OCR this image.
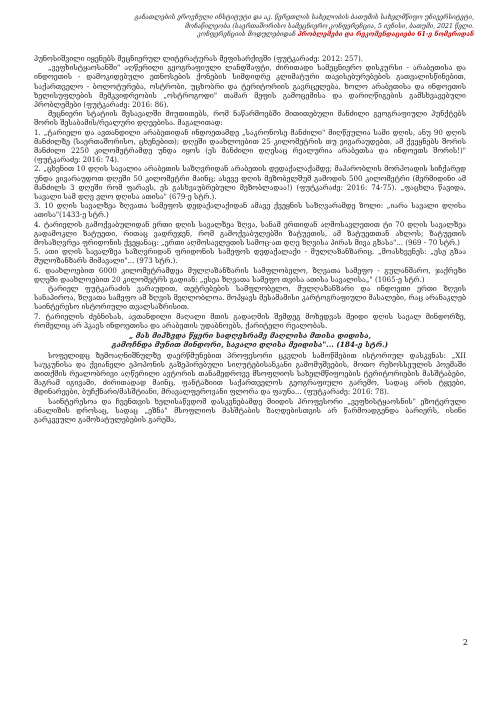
განათლების ეროვნული ინსტიტუტი და აკ. წერეთლის სახელობის ბათუმის სახელმწიფო უნივერსიტეტი,
მონაწილეობა (საერთაშორისო სამეცნიერო კონფერენცია, 5 ივნისი, ბათუმი, 2021 წელი.
კონფერენციის მოდულებიდან პრობლემები და რეკომენდაციები 61-ე ნომერიდან

პუნოსიშვილი იყენებს მეცნიერულ ლიტერატურას მეფისარქივში (ფუტკარაძე: 2012: 257).

„ვეფხისტყაოსანში" აღწერილი გეოგრაფიული ლანდშაფტი, ძირითადი სამეცნიერო დისკურსი - არაბეთისა და ინდოეთის - დამოკიდებული ეთნოსების ქონების სიმდიდრე კლიმატური თავისებურებების გათვალისწინებით, საქართველო - ბოლოტურება, ოსტრობი, უცხობრი და ტერიტორიის გავრცელება, ხოლო არაბეთისა და ინდოეთის ხელისუფლების მემკვიდრეობის „ოსტროგოდი" თამარ მეფის გამოცემისა და დარიღწიგების გამსხვავებული პრობლემები (ფუტკარაძე: 2016: 86).

მეცნიერი სტატიის შესავალში მიუთითებს, რომ ნაწარმოებში მითითებული მანძილი გეოგრაფიული პუნქტებს შორის შესაბამის/რეალური დღეებისა. მაგალითად:

1. „ტარიელი და ავთანდილი არაბეთიდან ინდოეთამდე „საკრონოსე მანძილი" მიღწეულია სამი დღის, ანუ 90 დღის მანძილზე (საერთაშორისო, ცხენებით); დღეში დაახლოებით 25 კილომეტრის თუ ვივარაუდებთ, ამ ქვეყნებს შორის მანძილი 2250 კილომეტრამდე უნდა იყოს (ეს მანძილი დღესაც რეალურია არაბეთსა და ინდოეთს შორის!)" (ფუტკარაძე: 2016: 74).

2. „ცხენით 10 დღის სავალია არაბეთის საზღვრიდან არაბეთის დედაქალაქამდე; მაჰარობლის მორჰოადის სიჩქარედ უნდა ვივარაუდოთ დღეში 50 კილომეტრი მაინც; ასევე დღის მეზობელშუმ გამოდის 500 კილომეტრი (მერმიდინი ამ მანძილს 3 დღეში რომ ფარავს, ეს გასხვაუბრებული მეზობლადაა!) (ფუტკარაძე: 2016: 74-75). „ფაცხლა წავიდა, სავალი სამ დღე ვლო დღისა ათისა" (679-ე სტრ.).

3. 10 დღის სავალზეა ზღვათა სამეფოს დედაქალაქიდან ამავე ქვეყნის საზღვარამდე ზოლი: „იარა სავალი დღისა ათისა"(1433-ე სტრ.)

4. ტარიელის გამოქვაბულიდან ერთი დღის სავალზეა ზღვა, სანამ ერთიდან აღმოსავლეთით ტი 70 დღის სავალზეა გადამოკლი ზატუეთი, რითაც ვადრეჯენ, რომ გამოქვაბულებში ზატუეთის, ამ ზატუეთთან ახლოს; ზატუეთის მოსაზღვრეა ფრიდონის ქვეყანაც: „ერთი აღმოსავლეთის სამოც-ათ დღე ზღვისა პირას მივა გზასა"... (969 - 70 სტრ.)

5. ათი დღის სავალზეა საზღვრიდან ფრიდონის სამეფოს დედაქალაქი - მულღაზანზარიც. „მოასხვენეს: „ესე გზაა მულოზანზარს მიმავალი"... (973 სტრ.).

6. დაახლოებით 6000 კილომეტრამდეა მულღაზანზარის სამფლობელო, ზღვათა სამეფო - გულანშარო, ჯაქრეზი დღეში დაახლოებით 20 კილომეტრს გადიან: „ესეა ზღვათა სამეფო თვისა ათისა სავალისა„" (1065-ე სტრ.)

ტარიელ ფუტკარაძის ვარაუდით, თეტრებების სამფლობელო, მულღაზანზარი და ინდოეთი ერთი ზღვის სანაპიროა, ზღვათა სამეფო ამ ზღვის მეღლობლოა. მოჰყავს მესამამისი კარტოგრაფიული მასალები, რაც არანაკლებ საინტერესო ისტორიული თვალსაზრისით.

7. ტარიელის ძებნისას, ავთანდილი მაღალი მთის გადაღმის შემდეგ მოხედვას მეიდი დღის სავალ მინდორზე, რომელიც არ პკავს ინდოეთისა და არაბეთის უდაბნოებს, ქარიტელი რეალობას.

„ მას მიჰხვდა წყერი სადღესრამე მაღლისა მთისა დიდისა,
გამოჩნდა მუნით მინდორი, სავალი დღისა მეიდისა"... (184-ე სტრ.)

სოფელიდც ზემოაღნიშნულზე დაერწმუნებით პროფესორი ცკვლის სამოწმებით ისტორიულ დასკვნას: „XII საუკუნისა და ქვიანელი ეპოპონის გაზეპირებული სიღუტებისანკანი გამომუშვების, მოთო რეხოსსეულის პოემაში თითქმის რეალობრივი აღწერილი ავტორის თანამედროვე მსოფლიოს სახელმწიფოების ტერიტორიების მასშტაბები, მაგრამ იგივამი, ძირითადად მაინც, ფანტაზიით საქართველოს გეოგრაფიული გარემო, სადაც არის ტყეები, მდინარეები, ბუჩქნარი/მასშტიანი, მრავალფეროვანი ფლორა და ფაუნა... (ფუტკარაძე: 2016: 78).

საინტერესოა და ჩვენთვის ხელისაწვდომ დასკვნებამდე მიიდის პროფესორი „ვეფხისტყაოსნის" ეზოტერული ანალიზის დროსაც, სადაც „ეზნა" მსოფლიოს მასშტაბის ზაღდებისთვის არ წარმოადგენდა ბარიერს, ისინი გარკვეული გამოხატულებების გარეშა,

2
